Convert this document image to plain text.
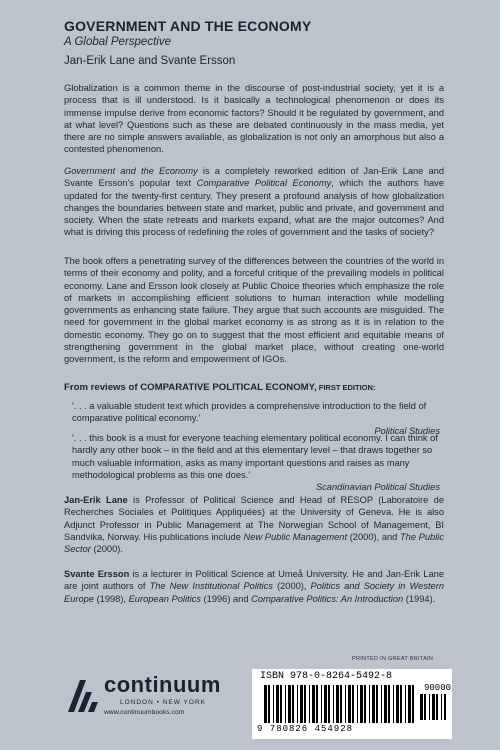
GOVERNMENT AND THE ECONOMY
A Global Perspective
Jan-Erik Lane and Svante Ersson
Globalization is a common theme in the discourse of post-industrial society, yet it is a process that is ill understood. Is it basically a technological phenomenon or does its immense impulse derive from economic factors? Should it be regulated by government, and at what level? Questions such as these are debated continuously in the mass media, yet there are no simple answers available, as globalization is not only an amorphous but also a contested phenomenon.
Government and the Economy is a completely reworked edition of Jan-Erik Lane and Svante Ersson's popular text Comparative Political Economy, which the authors have updated for the twenty-first century. They present a profound analysis of how globalization changes the boundaries between state and market, public and private, and government and society. When the state retreats and markets expand, what are the major outcomes? And what is driving this process of redefining the roles of government and the tasks of society?
The book offers a penetrating survey of the differences between the countries of the world in terms of their economy and polity, and a forceful critique of the prevailing models in political economy. Lane and Ersson look closely at Public Choice theories which emphasize the role of markets in accomplishing efficient solutions to human interaction while modelling governments as enhancing state failure. They argue that such accounts are misguided. The need for government in the global market economy is as strong as it is in relation to the domestic economy. They go on to suggest that the most efficient and equitable means of strengthening government in the global market place, without creating one-world government, is the reform and empowerment of IGOs.
From reviews of COMPARATIVE POLITICAL ECONOMY, FIRST EDITION:
'. . . a valuable student text which provides a comprehensive introduction to the field of comparative political economy.'
Political Studies
'. . . this book is a must for everyone teaching elementary political economy. I can think of hardly any other book – in the field and at this elementary level – that draws together so much valuable information, asks as many important questions and raises as many methodological problems as this one does.'
Scandinavian Political Studies
Jan-Erik Lane is Professor of Political Science and Head of RESOP (Laboratoire de Recherches Sociales et Politiques Appliquées) at the University of Geneva. He is also Adjunct Professor in Public Management at The Norwegian School of Management, BI Sandvika, Norway. His publications include New Public Management (2000), and The Public Sector (2000).
Svante Ersson is a lecturer in Political Science at Umeå University. He and Jan-Erik Lane are joint authors of The New Institutional Politics (2000), Politics and Society in Western Europe (1998), European Politics (1996) and Comparative Politics: An Introduction (1994).
continuum
LONDON • NEW YORK
www.continuumbooks.com
PRINTED IN GREAT BRITAIN
ISBN 978-0-8264-5492-8
90000
9 780826 454928
